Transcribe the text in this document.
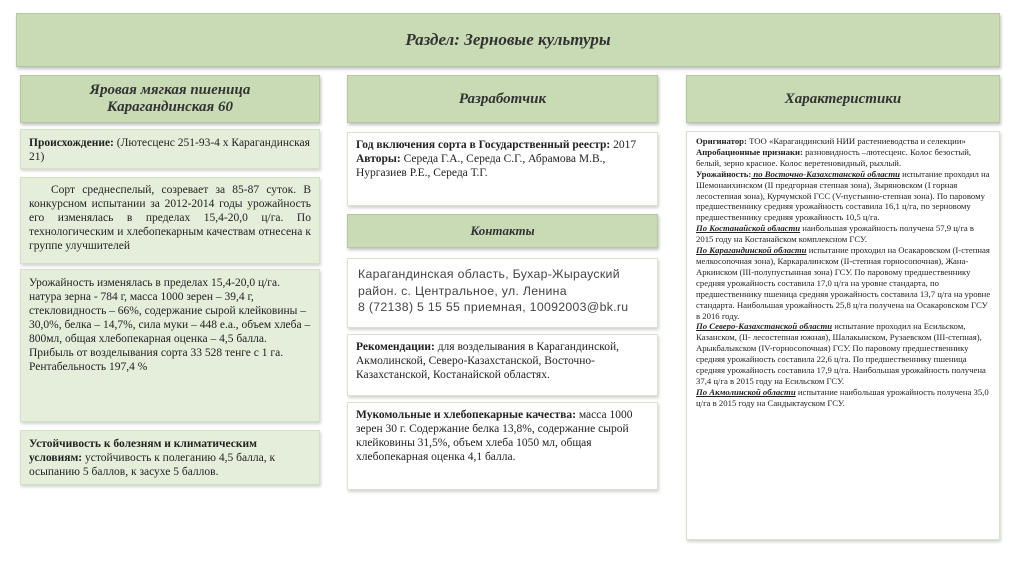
Раздел: Зерновые культуры
Яровая мягкая пшеница
Карагандинская 60
Происхождение: (Лютесценс 251-93-4 х Карагандинская 21)
Сорт среднеспелый, созревает за 85-87 суток. В конкурсном испытании за 2012-2014 годы урожайность его изменялась в пределах 15,4-20,0 ц/га. По технологическим и хлебопекарным качествам отнесена к группе улучшителей
Урожайность изменялась в пределах 15,4-20,0 ц/га. натура зерна - 784 г, масса 1000 зерен – 39,4 г, стекловидность – 66%, содержание сырой клейковины – 30,0%, белка – 14,7%, сила муки – 448 е.а., объем хлеба – 800мл, общая хлебопекарная оценка – 4,5 балла. Прибыль от возделывания сорта 33 528 тенге с 1 га. Рентабельность 197,4 %
Устойчивость к болезням и климатическим условиям: устойчивость к полеганию 4,5 балла, к осыпанию 5 баллов, к засухе 5 баллов.
Разработчик
Год включения сорта в Государственный реестр: 2017
Авторы: Середа Г.А., Середа С.Г., Абрамова М.В., Нургазиев Р.Е., Середа Т.Г.
Контакты
Карагандинская область, Бухар-Жырауский
район. с. Центральное, ул. Ленина
8 (72138) 5 15 55 приемная, 10092003@bk.ru
Рекомендации: для возделывания в Карагандинской, Акмолинской, Северо-Казахстанской, Восточно-Казахстанской, Костанайской областях.
Мукомольные и хлебопекарные качества: масса 1000 зерен 30 г. Содержание белка 13,8%, содержание сырой клейковины 31,5%, объем хлеба 1050 мл, общая хлебопекарная оценка 4,1 балла.
Характеристики
Оригинатор: ТОО «Карагандинский НИИ растениеводства и селекции»
Апробационные признаки: разновидность –лютесценс. Колос безостый, белый, зерно красное. Колос веретеновидный, рыхлый.
Урожайность: по Восточно-Казахстанской области испытание проходил на Шемонаихинском (II предгорная степная зона), Зыряновском (I горная лесостепная зона), Курчумской ГСС (V-пустынно-степная зона). По паровому предшественнику средняя урожайность составила 16,1 ц/га, по зерновому предшественнику средняя урожайность 10,5 ц/га.
По Костанайской области наибольшая урожайность получена 57,9 ц/га в 2015 году на Костанайском комплексном ГСУ.
По Карагандинской области испытание проходил на Осакаровском (I-степная мелкосопочная зона), Каркаралинском (II-степная горносопочная), Жана-Аркинском (III-полупустынная зона) ГСУ. По паровому предшественнику средняя урожайность составила 17,0 ц/га на уровне стандарта, по предшественнику пшеница средняя урожайность составила 13,7 ц/га на уровне стандарта. Наибольшая урожайность 25,8 ц/га получена на Осакаровском ГСУ в 2016 году.
По Северо-Казахстанской области испытание проходил на Есильском, Казанском, (II- лесостепная южная), Шалакынском, Рузаевском (III-степная), Арыкбалыкском (IV-горносопочная) ГСУ. По паровому предшественнику средняя урожайность составила 22,6 ц/га. По предшественнику пшеница средняя урожайность составила 17,9 ц/га. Наибольшая урожайность получена 37,4 ц/га в 2015 году на Есильском ГСУ.
По Акмолинской области испытание наибольшая урожайность получена 35,0 ц/га в 2015 году на Сандыктауском ГСУ.
